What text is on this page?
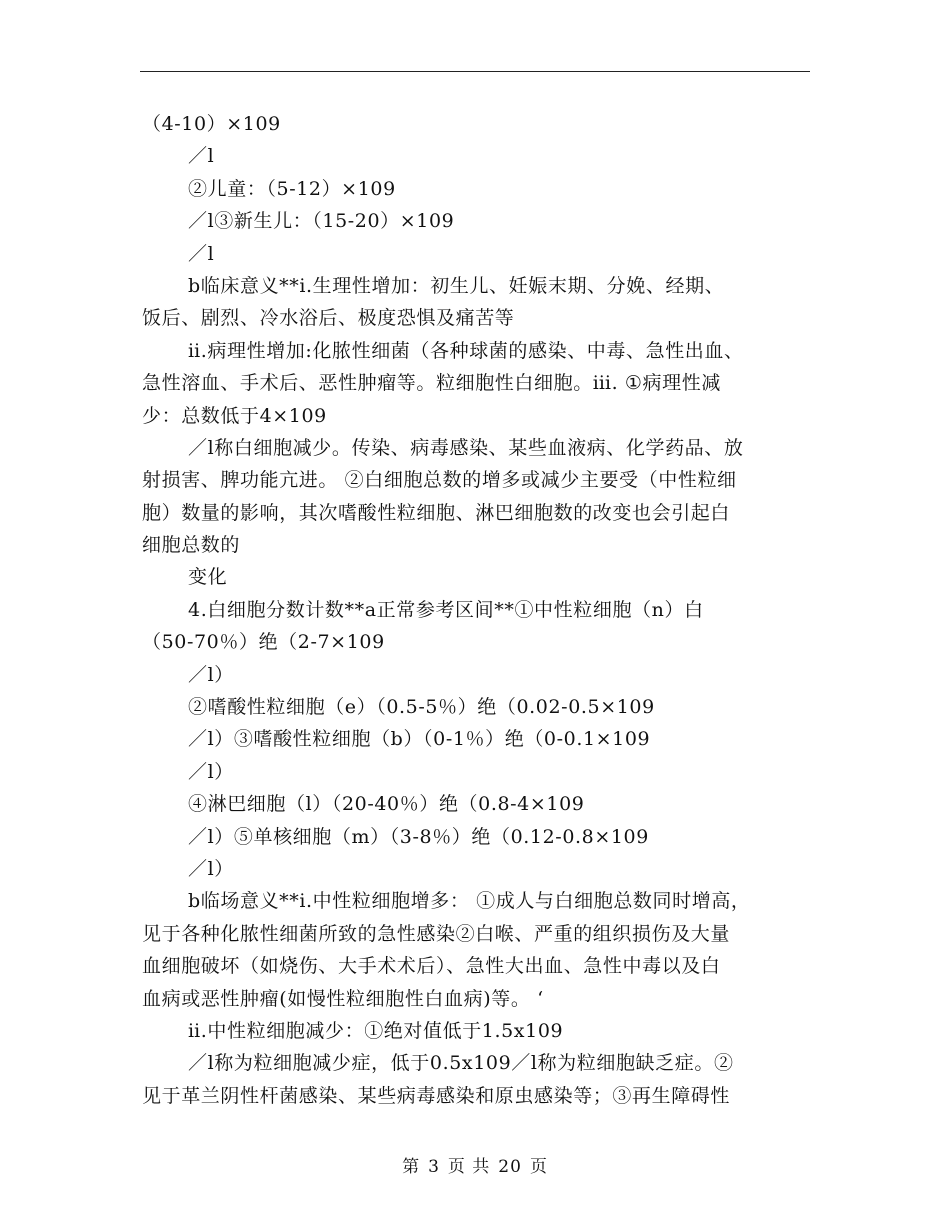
（4-10）×109
／l
②儿童：（5-12）×109
／l③新生儿：（15-20）×109
／l
b临床意义**ⅰ.生理性增加：初生儿、妊娠末期、分娩、经期、
饭后、剧烈、冷水浴后、极度恐惧及痛苦等
ⅱ.病理性增加:化脓性细菌（各种球菌的感染、中毒、急性出血、
急性溶血、手术后、恶性肿瘤等。粒细胞性白细胞。ⅲ. ①病理性减
少：总数低于4×109
／l称白细胞减少。传染、病毒感染、某些血液病、化学药品、放
射损害、脾功能亢进。 ②白细胞总数的增多或减少主要受（中性粒细
胞）数量的影响，其次嗜酸性粒细胞、淋巴细胞数的改变也会引起白
细胞总数的
变化
4.白细胞分数计数**a正常参考区间**①中性粒细胞（n）白
（50-70％）绝（2-7×109
／l）
②嗜酸性粒细胞（e）（0.5-5％）绝（0.02-0.5×109
／l）③嗜酸性粒细胞（b）（0-1％）绝（0-0.1×109
／l）
④淋巴细胞（l）（20-40％）绝（0.8-4×109
／l）⑤单核细胞（m）（3-8％）绝（0.12-0.8×109
／l）
b临场意义**ⅰ.中性粒细胞增多： ①成人与白细胞总数同时增高，
见于各种化脓性细菌所致的急性感染②白喉、严重的组织损伤及大量
血细胞破坏（如烧伤、大手术术后）、急性大出血、急性中毒以及白
血病或恶性肿瘤(如慢性粒细胞性白血病)等。 ‘
ⅱ.中性粒细胞减少：①绝对值低于1.5x109
／l称为粒细胞减少症，低于0.5x109／l称为粒细胞缺乏症。②
见于革兰阴性杆菌感染、某些病毒感染和原虫感染等；③再生障碍性
第 3 页 共 20 页
